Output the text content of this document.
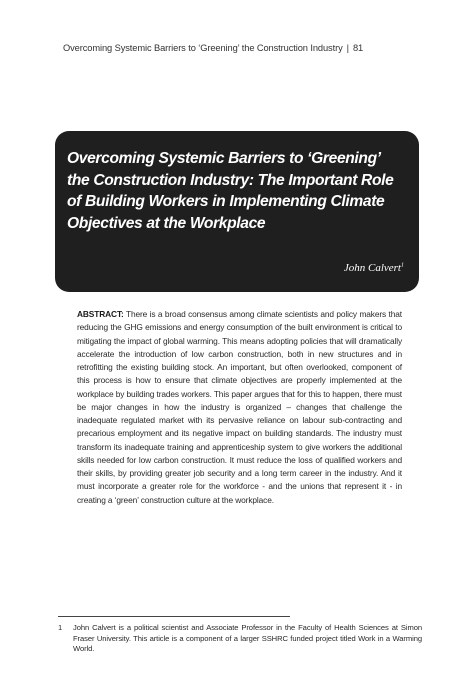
Overcoming Systemic Barriers to ‘Greening’ the Construction Industry | 81
Overcoming Systemic Barriers to ‘Greening’ the Construction Industry: The Important Role of Building Workers in Implementing Climate Objectives at the Workplace
John Calvert$^1$
ABSTRACT: There is a broad consensus among climate scientists and policy makers that reducing the GHG emissions and energy consumption of the built environment is critical to mitigating the impact of global warming. This means adopting policies that will dramatically accelerate the introduction of low carbon construction, both in new structures and in retrofitting the existing building stock. An important, but often overlooked, component of this process is how to ensure that climate objectives are properly implemented at the workplace by building trades workers. This paper argues that for this to happen, there must be major changes in how the industry is organized – changes that challenge the inadequate regulated market with its pervasive reliance on labour sub-contracting and precarious employment and its negative impact on building standards. The industry must transform its inadequate training and apprenticeship system to give workers the additional skills needed for low carbon construction. It must reduce the loss of qualified workers and their skills, by providing greater job security and a long term career in the industry. And it must incorporate a greater role for the workforce - and the unions that represent it - in creating a ‘green’ construction culture at the workplace.
1 John Calvert is a political scientist and Associate Professor in the Faculty of Health Sciences at Simon Fraser University. This article is a component of a larger SSHRC funded project titled Work in a Warming World.
